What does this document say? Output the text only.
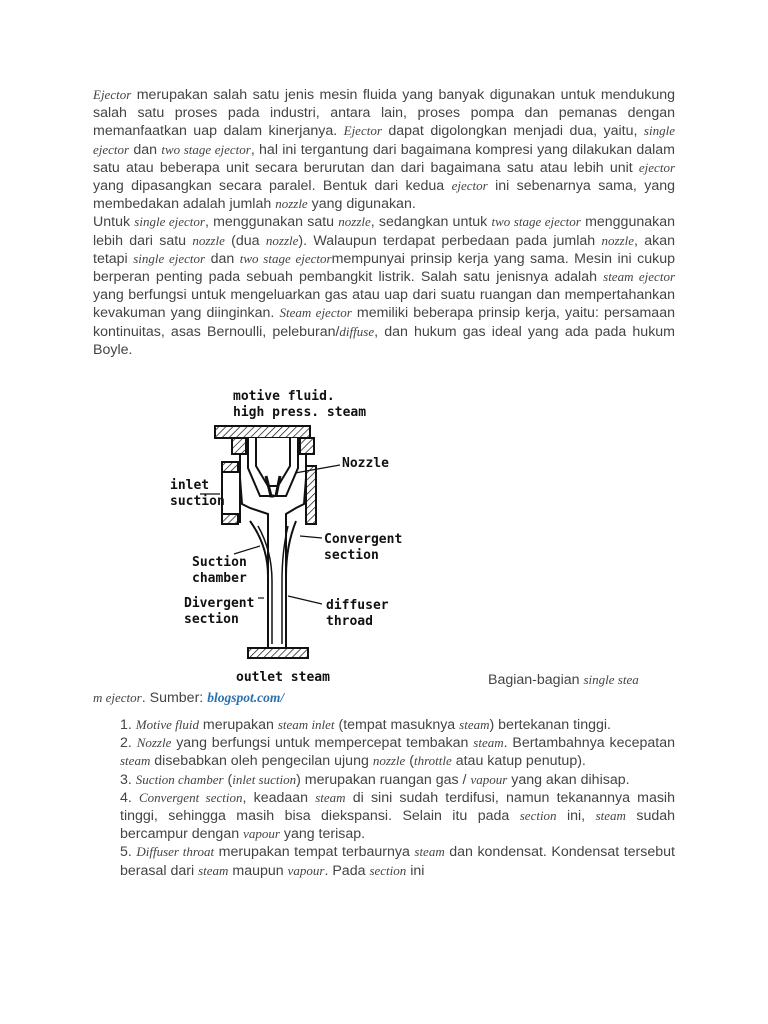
Ejector merupakan salah satu jenis mesin fluida yang banyak digunakan untuk mendukung salah satu proses pada industri, antara lain, proses pompa dan pemanas dengan memanfaatkan uap dalam kinerjanya. Ejector dapat digolongkan menjadi dua, yaitu, single ejector dan two stage ejector, hal ini tergantung dari bagaimana kompresi yang dilakukan dalam satu atau beberapa unit secara berurutan dan dari bagaimana satu atau lebih unit ejector yang dipasangkan secara paralel. Bentuk dari kedua ejector ini sebenarnya sama, yang membedakan adalah jumlah nozzle yang digunakan.

Untuk single ejector, menggunakan satu nozzle, sedangkan untuk two stage ejector menggunakan lebih dari satu nozzle (dua nozzle). Walaupun terdapat perbedaan pada jumlah nozzle, akan tetapi single ejector dan two stage ejectormempunyai prinsip kerja yang sama. Mesin ini cukup berperan penting pada sebuah pembangkit listrik. Salah satu jenisnya adalah steam ejector yang berfungsi untuk mengeluarkan gas atau uap dari suatu ruangan dan mempertahankan kevakuman yang diinginkan. Steam ejector memiliki beberapa prinsip kerja, yaitu: persamaan kontinuitas, asas Bernoulli, peleburan/diffuse, dan hukum gas ideal yang ada pada hukum Boyle.

motive fluid.
high press. steam
Nozzle
inlet
suction
Convergent
section
Suction
chamber
Divergent
section
diffuser
throad
outlet steam	Bagian-bagian single stea
m ejector. Sumber: blogspot.com/

1. Motive fluid merupakan steam inlet (tempat masuknya steam) bertekanan tinggi.

2. Nozzle yang berfungsi untuk mempercepat tembakan steam. Bertambahnya kecepatan steam disebabkan oleh pengecilan ujung nozzle (throttle atau katup penutup).

3. Suction chamber (inlet suction) merupakan ruangan gas / vapour yang akan dihisap.

4. Convergent section, keadaan steam di sini sudah terdifusi, namun tekanannya masih tinggi, sehingga masih bisa diekspansi. Selain itu pada section ini, steam sudah bercampur dengan vapour yang terisap.

5. Diffuser throat merupakan tempat terbaurnya steam dan kondensat. Kondensat tersebut berasal dari steam maupun vapour. Pada section ini
